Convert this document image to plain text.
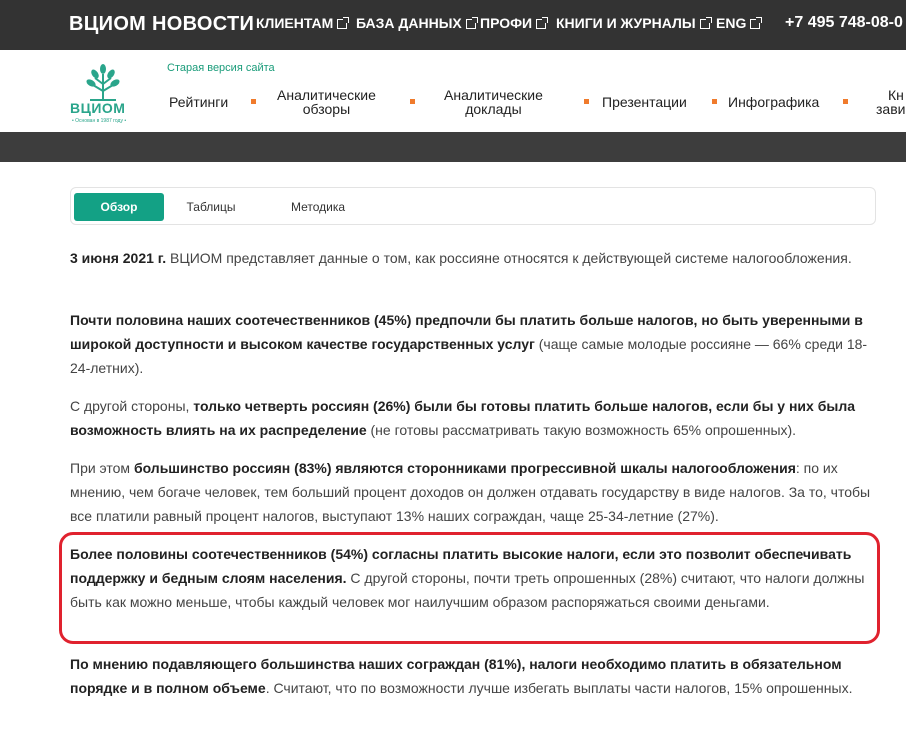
ВЦИОМ НОВОСТИ КЛИЕНТАМ	БАЗА ДАННЫХ	ПРОФИ	КНИГИ И ЖУРНАЛЫ	ENG	+7 495 748-08-0
ВЦИОМ
• Основан в 1987 году •
Старая версия сайта
Рейтинги	Аналитические
обзоры
Аналитические
доклады	Презентации	Инфографика	Кн
зави
Обзор	Таблицы	Методика

3 июня 2021 г. ВЦИОМ представляет данные о том, как россияне относятся к действующей системе налогообложения.

Почти половина наших соотечественников (45%) предпочли бы платить больше налогов, но быть уверенными в широкой доступности и высоком качестве государственных услуг (чаще самые молодые россияне — 66% среди 18-24-летних).

С другой стороны, только четверть россиян (26%) были бы готовы платить больше налогов, если бы у них была возможность влиять на их распределение (не готовы рассматривать такую возможность 65% опрошенных).

При этом большинство россиян (83%) являются сторонниками прогрессивной шкалы налогообложения: по их мнению, чем богаче человек, тем больший процент доходов он должен отдавать государству в виде налогов. За то, чтобы все платили равный процент налогов, выступают 13% наших сограждан, чаще 25-34-летние (27%).

Более половины соотечественников (54%) согласны платить высокие налоги, если это позволит обеспечивать поддержку и бедным слоям населения. С другой стороны, почти треть опрошенных (28%) считают, что налоги должны быть как можно меньше, чтобы каждый человек мог наилучшим образом распоряжаться своими деньгами.

По мнению подавляющего большинства наших сограждан (81%), налоги необходимо платить в обязательном порядке и в полном объеме. Считают, что по возможности лучше избегать выплаты части налогов, 15% опрошенных.
